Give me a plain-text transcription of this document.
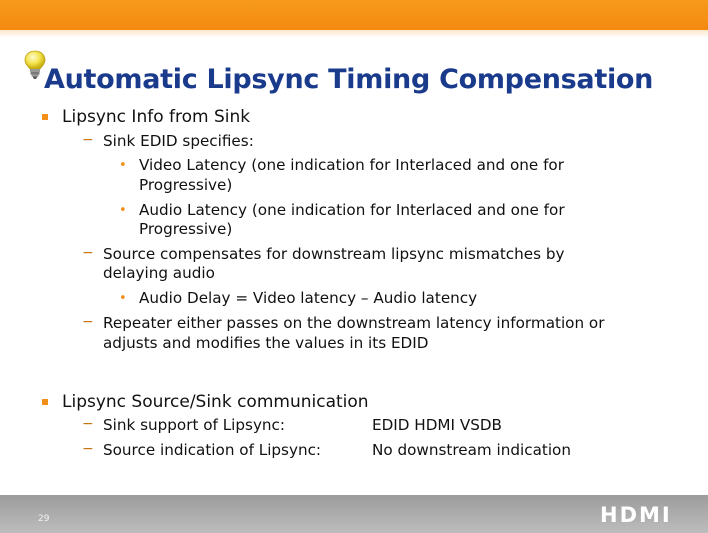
Automatic Lipsync Timing Compensation
Lipsync Info from Sink
− Sink EDID specifies:
• Video Latency (one indication for Interlaced and one for
Progressive)
• Audio Latency (one indication for Interlaced and one for
Progressive)
− Source compensates for downstream lipsync mismatches by
delaying audio
• Audio Delay = Video latency – Audio latency
− Repeater either passes on the downstream latency information or
adjusts and modifies the values in its EDID
Lipsync Source/Sink communication
− Sink support of Lipsync:	EDID HDMI VSDB
− Source indication of Lipsync:	No downstream indication
29	HDMI
